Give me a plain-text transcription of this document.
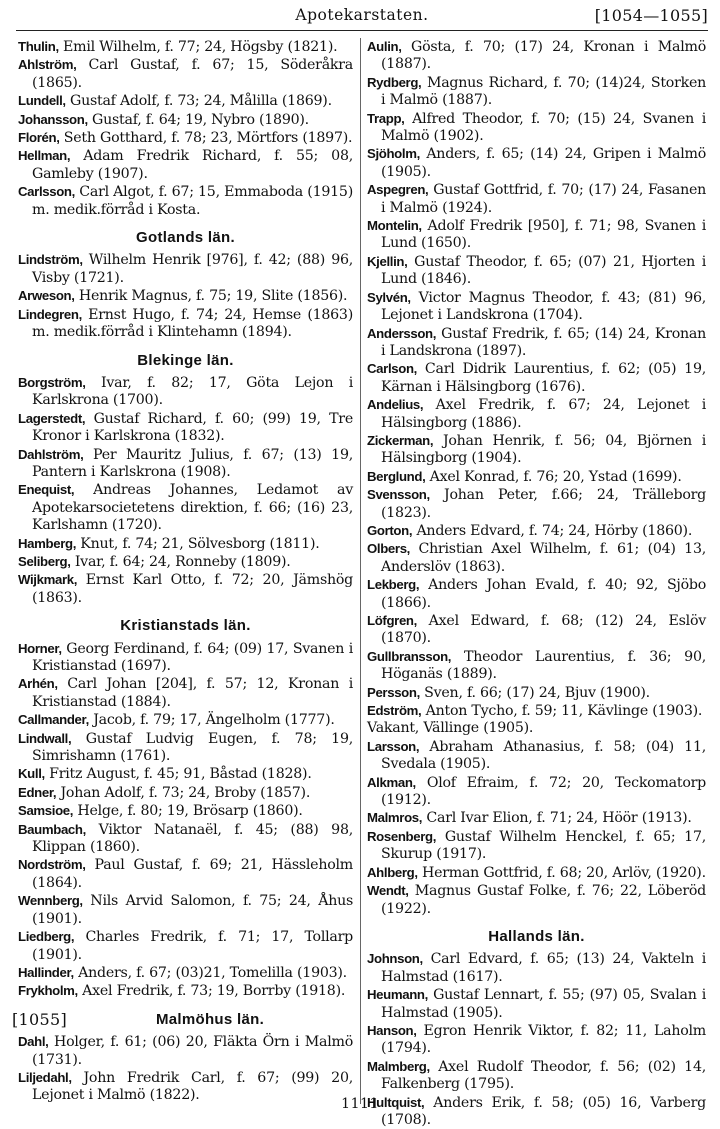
Apotekarstaten.	[1054—1055]
Thulin, Emil Wilhelm, f. 77; 24, Högsby (1821).
Ahlström, Carl Gustaf, f. 67; 15, Söderåkra (1865).
Lundell, Gustaf Adolf, f. 73; 24, Målilla (1869).
Johansson, Gustaf, f. 64; 19, Nybro (1890).
Florén, Seth Gotthard, f. 78; 23, Mörtfors (1897).
Hellman, Adam Fredrik Richard, f. 55; 08, Gamleby (1907).
Carlsson, Carl Algot, f. 67; 15, Emmaboda (1915) m. medik.förråd i Kosta.
Gotlands län.
Lindström, Wilhelm Henrik [976], f. 42; (88) 96, Visby (1721).
Arweson, Henrik Magnus, f. 75; 19, Slite (1856).
Lindegren, Ernst Hugo, f. 74; 24, Hemse (1863) m. medik.förråd i Klintehamn (1894).
Blekinge län.
Borgström, Ivar, f. 82; 17, Göta Lejon i Karlskrona (1700).
Lagerstedt, Gustaf Richard, f. 60; (99) 19, Tre Kronor i Karlskrona (1832).
Dahlström, Per Mauritz Julius, f. 67; (13) 19, Pantern i Karlskrona (1908).
Enequist, Andreas Johannes, Ledamot av Apotekarsocietetens direktion, f. 66; (16) 23, Karlshamn (1720).
Hamberg, Knut, f. 74; 21, Sölvesborg (1811).
Seliberg, Ivar, f. 64; 24, Ronneby (1809).
Wijkmark, Ernst Karl Otto, f. 72; 20, Jämshög (1863).
Kristianstads län.
Horner, Georg Ferdinand, f. 64; (09) 17, Svanen i Kristianstad (1697).
Arhén, Carl Johan [204], f. 57; 12, Kronan i Kristianstad (1884).
Callmander, Jacob, f. 79; 17, Ängelholm (1777).
Lindwall, Gustaf Ludvig Eugen, f. 78; 19, Simrishamn (1761).
Kull, Fritz August, f. 45; 91, Båstad (1828).
Edner, Johan Adolf, f. 73; 24, Broby (1857).
Samsioe, Helge, f. 80; 19, Brösarp (1860).
Baumbach, Viktor Natanaël, f. 45; (88) 98, Klippan (1860).
Nordström, Paul Gustaf, f. 69; 21, Hässleholm (1864).
Wennberg, Nils Arvid Salomon, f. 75; 24, Åhus (1901).
Liedberg, Charles Fredrik, f. 71; 17, Tollarp (1901).
Hallinder, Anders, f. 67; (03)21, Tomelilla (1903).
Frykholm, Axel Fredrik, f. 73; 19, Borrby (1918).
[1055]	Malmöhus län.
Dahl, Holger, f. 61; (06) 20, Fläkta Örn i Malmö (1731).
Liljedahl, John Fredrik Carl, f. 67; (99) 20, Lejonet i Malmö (1822).
Aulin, Gösta, f. 70; (17) 24, Kronan i Malmö (1887).
Rydberg, Magnus Richard, f. 70; (14)24, Storken i Malmö (1887).
Trapp, Alfred Theodor, f. 70; (15) 24, Svanen i Malmö (1902).
Sjöholm, Anders, f. 65; (14) 24, Gripen i Malmö (1905).
Aspegren, Gustaf Gottfrid, f. 70; (17) 24, Fasanen i Malmö (1924).
Montelin, Adolf Fredrik [950], f. 71; 98, Svanen i Lund (1650).
Kjellin, Gustaf Theodor, f. 65; (07) 21, Hjorten i Lund (1846).
Sylvén, Victor Magnus Theodor, f. 43; (81) 96, Lejonet i Landskrona (1704).
Andersson, Gustaf Fredrik, f. 65; (14) 24, Kronan i Landskrona (1897).
Carlson, Carl Didrik Laurentius, f. 62; (05) 19, Kärnan i Hälsingborg (1676).
Andelius, Axel Fredrik, f. 67; 24, Lejonet i Hälsingborg (1886).
Zickerman, Johan Henrik, f. 56; 04, Björnen i Hälsingborg (1904).
Berglund, Axel Konrad, f. 76; 20, Ystad (1699).
Svensson, Johan Peter, f.66; 24, Trälleborg (1823).
Gorton, Anders Edvard, f. 74; 24, Hörby (1860).
Olbers, Christian Axel Wilhelm, f. 61; (04) 13, Anderslöv (1863).
Lekberg, Anders Johan Evald, f. 40; 92, Sjöbo (1866).
Löfgren, Axel Edward, f. 68; (12) 24, Eslöv (1870).
Gullbransson, Theodor Laurentius, f. 36; 90, Höganäs (1889).
Persson, Sven, f. 66; (17) 24, Bjuv (1900).
Edström, Anton Tycho, f. 59; 11, Kävlinge (1903).
Vakant, Vällinge (1905).
Larsson, Abraham Athanasius, f. 58; (04) 11, Svedala (1905).
Alkman, Olof Efraim, f. 72; 20, Teckomatorp (1912).
Malmros, Carl Ivar Elion, f. 71; 24, Höör (1913).
Rosenberg, Gustaf Wilhelm Henckel, f. 65; 17, Skurup (1917).
Ahlberg, Herman Gottfrid, f. 68; 20, Arlöv, (1920).
Wendt, Magnus Gustaf Folke, f. 76; 22, Löberöd (1922).
Hallands län.
Johnson, Carl Edvard, f. 65; (13) 24, Vakteln i Halmstad (1617).
Heumann, Gustaf Lennart, f. 55; (97) 05, Svalan i Halmstad (1905).
Hanson, Egron Henrik Viktor, f. 82; 11, Laholm (1794).
Malmberg, Axel Rudolf Theodor, f. 56; (02) 14, Falkenberg (1795).
Hultquist, Anders Erik, f. 58; (05) 16, Varberg (1708).
1111
